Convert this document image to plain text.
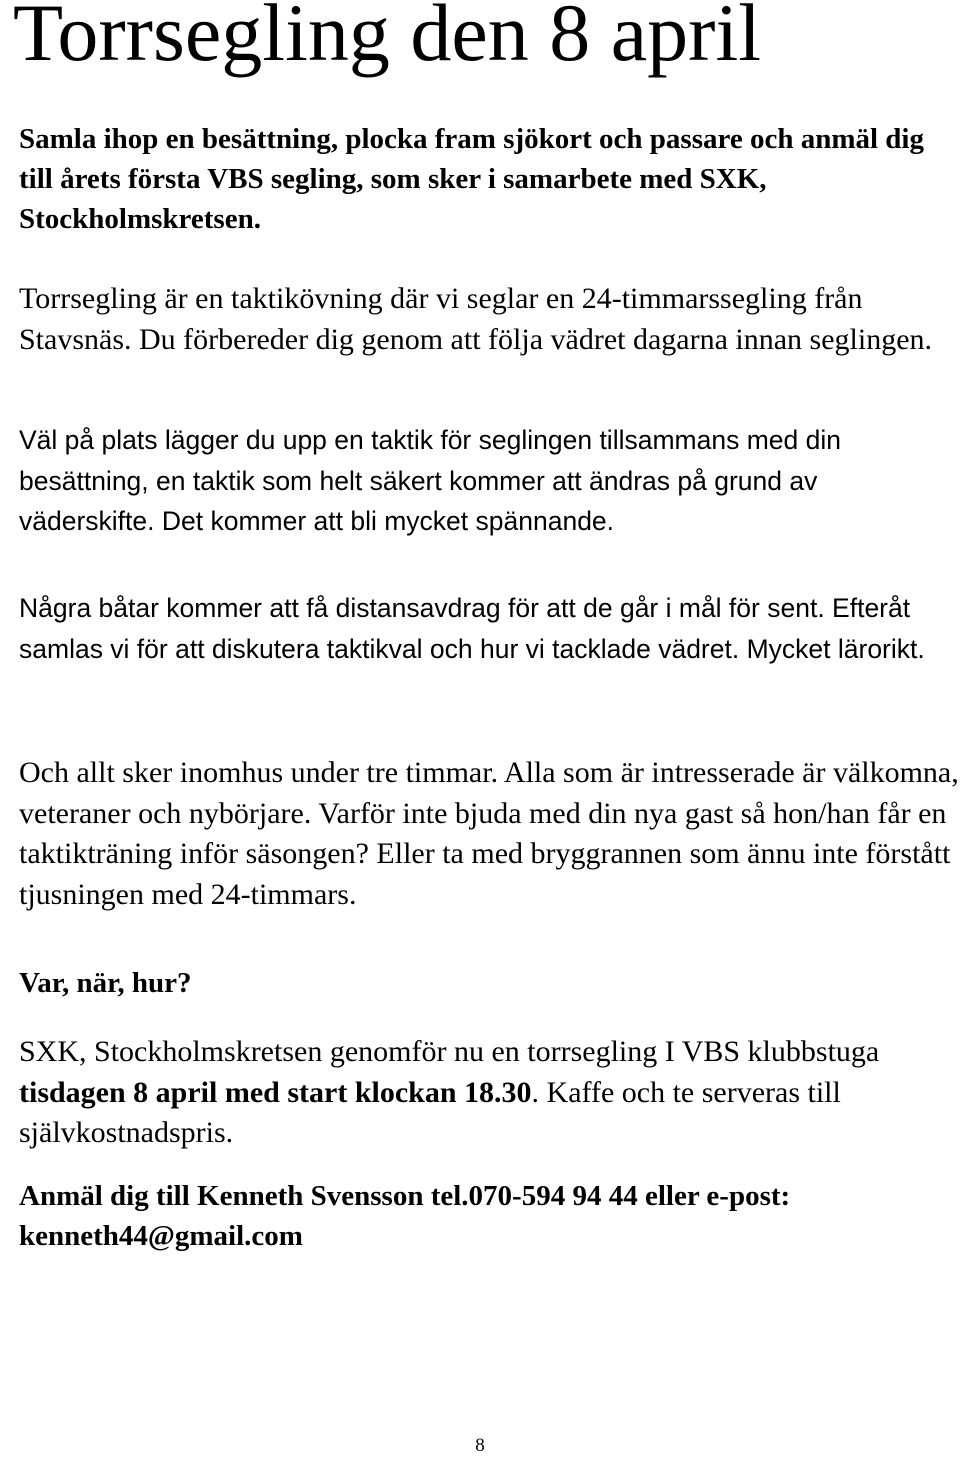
Torrsegling den 8 april

Samla ihop en besättning, plocka fram sjökort och passare och anmäl dig till årets första VBS segling, som sker i samarbete med SXK, Stockholmskretsen.

Torrsegling är en taktikövning där vi seglar en 24-timmarssegling från Stavsnäs. Du förbereder dig genom att följa vädret dagarna innan seglingen.

Väl på plats lägger du upp en taktik för seglingen tillsammans med din besättning, en taktik som helt säkert kommer att ändras på grund av väderskifte. Det kommer att bli mycket spännande.

Några båtar kommer att få distansavdrag för att de går i mål för sent. Efteråt samlas vi för att diskutera taktikval och hur vi tacklade vädret. Mycket lärorikt.

Och allt sker inomhus under tre timmar. Alla som är intresserade är välkomna, veteraner och nybörjare. Varför inte bjuda med din nya gast så hon/han får en taktikträning inför säsongen? Eller ta med bryggrannen som ännu inte förstått tjusningen med 24-timmars.

Var, när, hur?

SXK, Stockholmskretsen genomför nu en torrsegling I VBS klubbstuga tisdagen 8 april med start klockan 18.30. Kaffe och te serveras till självkostnadspris.

Anmäl dig till Kenneth Svensson tel.070-594 94 44 eller e-post: kenneth44@gmail.com

8
